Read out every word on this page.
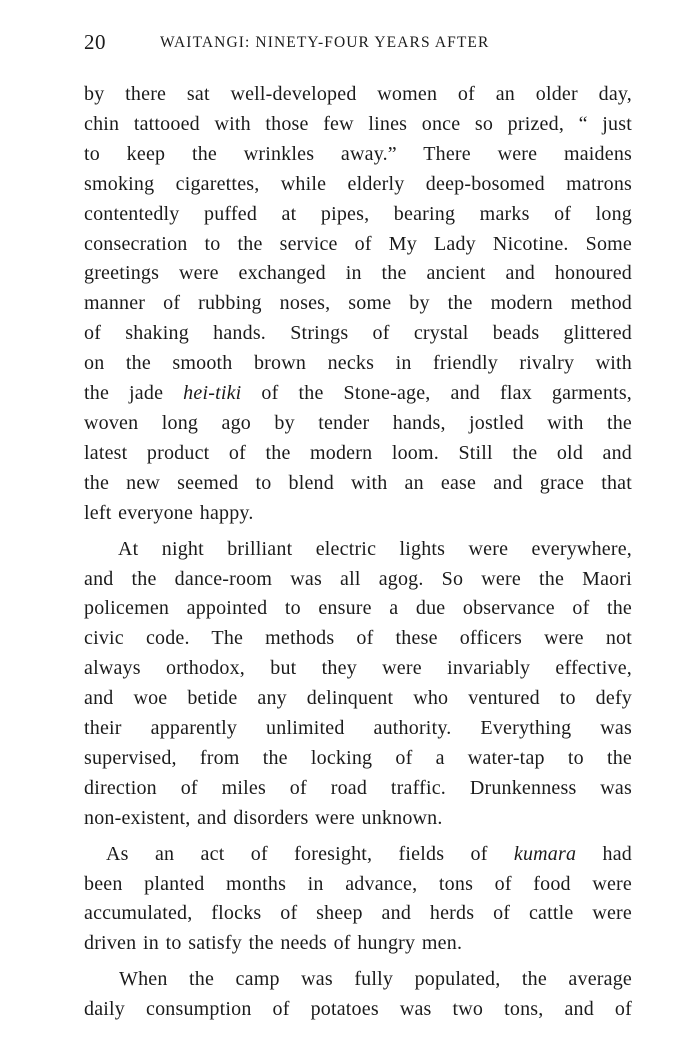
20	WAITANGI: NINETY-FOUR YEARS AFTER

by there sat well-developed women of an older day,
chin tattooed with those few lines once so prized, “ just
to keep the wrinkles away.” There were maidens
smoking cigarettes, while elderly deep-bosomed matrons
contentedly puffed at pipes, bearing marks of long
consecration to the service of My Lady Nicotine. Some
greetings were exchanged in the ancient and honoured
manner of rubbing noses, some by the modern method
of shaking hands. Strings of crystal beads glittered
on the smooth brown necks in friendly rivalry with
the jade hei-tiki of the Stone-age, and flax garments,
woven long ago by tender hands, jostled with the
latest product of the modern loom. Still the old and
the new seemed to blend with an ease and grace that
left everyone happy.

At night brilliant electric lights were everywhere,
and the dance-room was all agog. So were the Maori
policemen appointed to ensure a due observance of the
civic code. The methods of these officers were not
always orthodox, but they were invariably effective,
and woe betide any delinquent who ventured to defy
their apparently unlimited authority. Everything was
supervised, from the locking of a water-tap to the
direction of miles of road traffic. Drunkenness was
non-existent, and disorders were unknown.

As an act of foresight, fields of kumara had
been planted months in advance, tons of food were
accumulated, flocks of sheep and herds of cattle were
driven in to satisfy the needs of hungry men.

When the camp was fully populated, the average
daily consumption of potatoes was two tons, and of
